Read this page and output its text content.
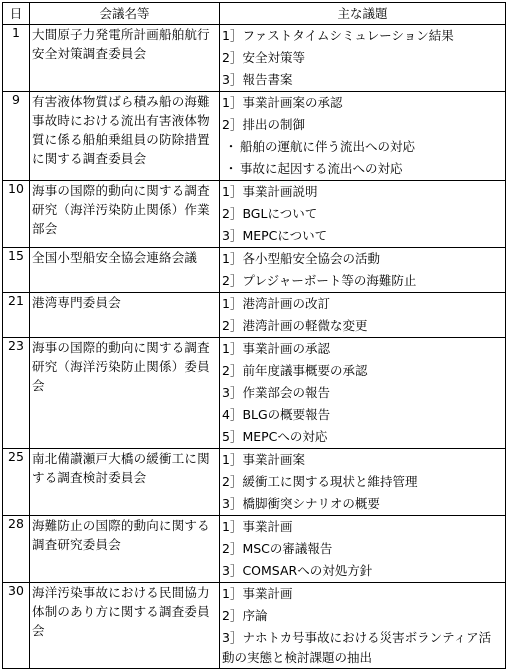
日	会議名等	主な議題
1	大間原子力発電所計画船舶航行安全対策調査委員会	1］ファストタイムシミュレーション結果
2］安全対策等
3］報告書案

9	有害液体物質ばら積み船の海難事故時における流出有害液体物質に係る船舶乗組員の防除措置に関する調査委員会	1］事業計画案の承認
2］排出の制御
・ 船舶の運航に伴う流出への対応
・ 事故に起因する流出への対応

10	海事の国際的動向に関する調査研究（海洋汚染防止関係）作業部会	1］事業計画説明
2］BGLについて
3］MEPCについて

15	全国小型船安全協会連絡会議	1］各小型船安全協会の活動
2］プレジャーボート等の海難防止

21	港湾専門委員会	1］港湾計画の改訂
2］港湾計画の軽微な変更

23	海事の国際的動向に関する調査研究（海洋汚染防止関係）委員会	1］事業計画の承認
2］前年度議事概要の承認
3］作業部会の報告
4］BLGの概要報告
5］MEPCへの対応

25	南北備讃瀬戸大橋の緩衝工に関する調査検討委員会	1］事業計画案
2］緩衝工に関する現状と維持管理
3］橋脚衝突シナリオの概要

28	海難防止の国際的動向に関する調査研究委員会	1］事業計画
2］MSCの審議報告
3］COMSARへの対処方針

30	海洋汚染事故における民間協力体制のあり方に関する調査委員会	1］事業計画
2］序論
3］ナホトカ号事故における災害ボランティア活動の実態と検討課題の抽出
